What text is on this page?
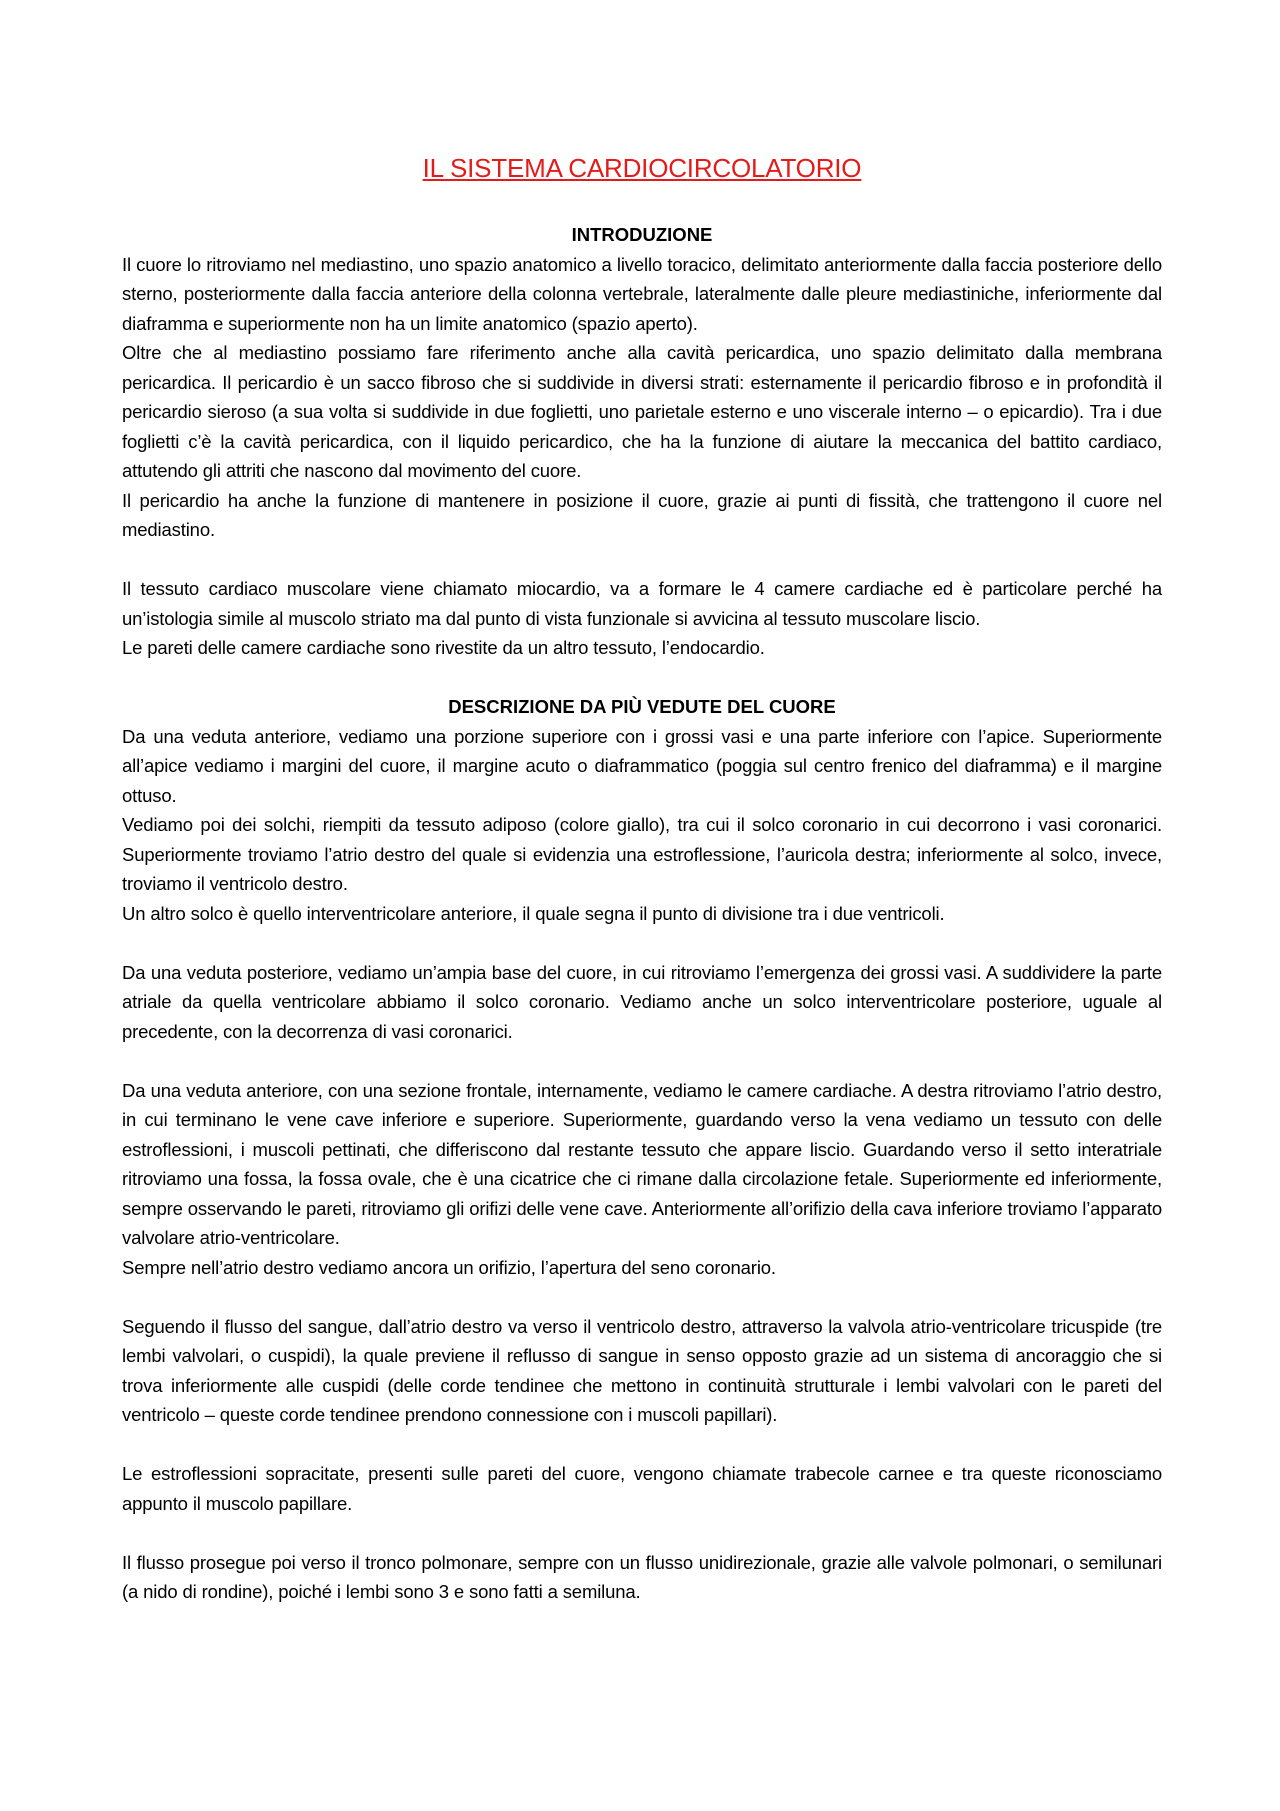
IL SISTEMA CARDIOCIRCOLATORIO

INTRODUZIONE

Il cuore lo ritroviamo nel mediastino, uno spazio anatomico a livello toracico, delimitato anteriormente dalla faccia posteriore dello sterno, posteriormente dalla faccia anteriore della colonna vertebrale, lateralmente dalle pleure mediastiniche, inferiormente dal diaframma e superiormente non ha un limite anatomico (spazio aperto).

Oltre che al mediastino possiamo fare riferimento anche alla cavità pericardica, uno spazio delimitato dalla membrana pericardica. Il pericardio è un sacco fibroso che si suddivide in diversi strati: esternamente il pericardio fibroso e in profondità il pericardio sieroso (a sua volta si suddivide in due foglietti, uno parietale esterno e uno viscerale interno – o epicardio). Tra i due foglietti c’è la cavità pericardica, con il liquido pericardico, che ha la funzione di aiutare la meccanica del battito cardiaco, attutendo gli attriti che nascono dal movimento del cuore.

Il pericardio ha anche la funzione di mantenere in posizione il cuore, grazie ai punti di fissità, che trattengono il cuore nel mediastino.

Il tessuto cardiaco muscolare viene chiamato miocardio, va a formare le 4 camere cardiache ed è particolare perché ha un’istologia simile al muscolo striato ma dal punto di vista funzionale si avvicina al tessuto muscolare liscio.

Le pareti delle camere cardiache sono rivestite da un altro tessuto, l’endocardio.

DESCRIZIONE DA PIÙ VEDUTE DEL CUORE

Da una veduta anteriore, vediamo una porzione superiore con i grossi vasi e una parte inferiore con l’apice. Superiormente all’apice vediamo i margini del cuore, il margine acuto o diaframmatico (poggia sul centro frenico del diaframma) e il margine ottuso.

Vediamo poi dei solchi, riempiti da tessuto adiposo (colore giallo), tra cui il solco coronario in cui decorrono i vasi coronarici. Superiormente troviamo l’atrio destro del quale si evidenzia una estroflessione, l’auricola destra; inferiormente al solco, invece, troviamo il ventricolo destro.

Un altro solco è quello interventricolare anteriore, il quale segna il punto di divisione tra i due ventricoli.

Da una veduta posteriore, vediamo un’ampia base del cuore, in cui ritroviamo l’emergenza dei grossi vasi. A suddividere la parte atriale da quella ventricolare abbiamo il solco coronario. Vediamo anche un solco interventricolare posteriore, uguale al precedente, con la decorrenza di vasi coronarici.

Da una veduta anteriore, con una sezione frontale, internamente, vediamo le camere cardiache. A destra ritroviamo l’atrio destro, in cui terminano le vene cave inferiore e superiore. Superiormente, guardando verso la vena vediamo un tessuto con delle estroflessioni, i muscoli pettinati, che differiscono dal restante tessuto che appare liscio. Guardando verso il setto interatriale ritroviamo una fossa, la fossa ovale, che è una cicatrice che ci rimane dalla circolazione fetale. Superiormente ed inferiormente, sempre osservando le pareti, ritroviamo gli orifizi delle vene cave. Anteriormente all’orifizio della cava inferiore troviamo l’apparato valvolare atrio-ventricolare.

Sempre nell’atrio destro vediamo ancora un orifizio, l’apertura del seno coronario.

Seguendo il flusso del sangue, dall’atrio destro va verso il ventricolo destro, attraverso la valvola atrio-ventricolare tricuspide (tre lembi valvolari, o cuspidi), la quale previene il reflusso di sangue in senso opposto grazie ad un sistema di ancoraggio che si trova inferiormente alle cuspidi (delle corde tendinee che mettono in continuità strutturale i lembi valvolari con le pareti del ventricolo – queste corde tendinee prendono connessione con i muscoli papillari).

Le estroflessioni sopracitate, presenti sulle pareti del cuore, vengono chiamate trabecole carnee e tra queste riconosciamo appunto il muscolo papillare.

Il flusso prosegue poi verso il tronco polmonare, sempre con un flusso unidirezionale, grazie alle valvole polmonari, o semilunari (a nido di rondine), poiché i lembi sono 3 e sono fatti a semiluna.
